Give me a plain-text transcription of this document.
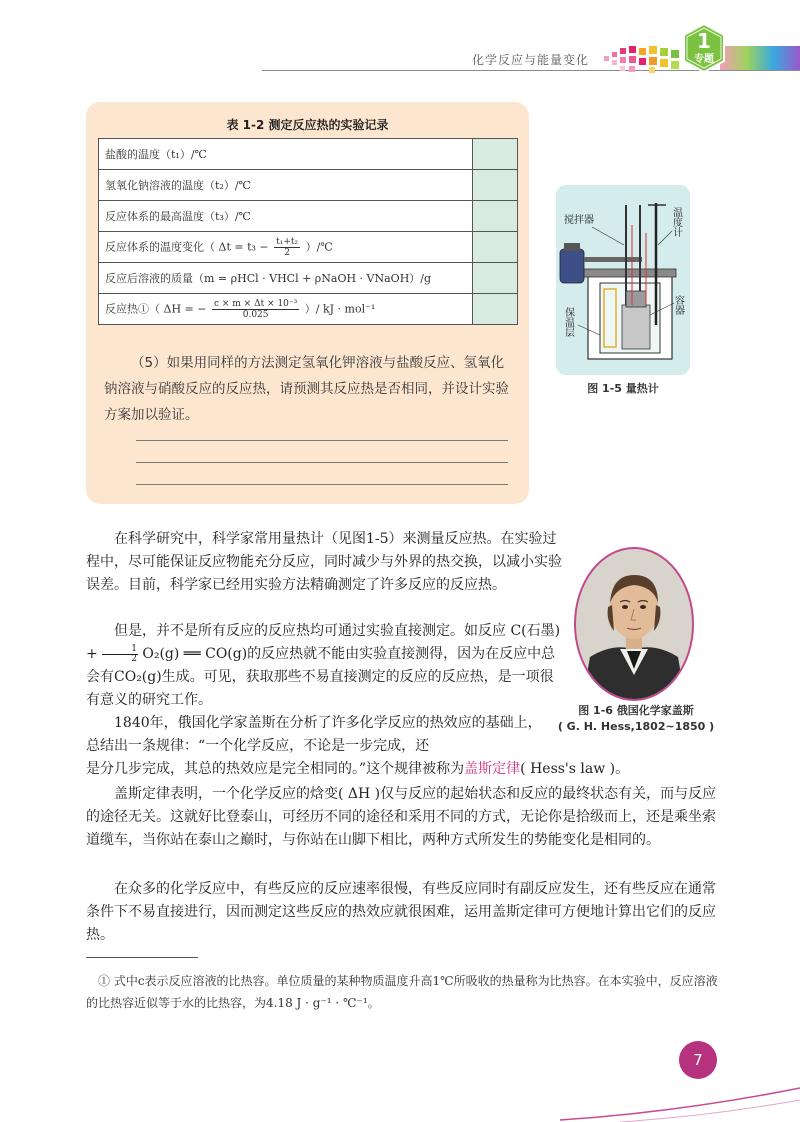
化学反应与能量变化
1
专题
表 1-2 测定反应热的实验记录
盐酸的温度（t₁）/℃	
氢氧化钠溶液的温度（t₂）/℃	
反应体系的最高温度（t₃）/℃	
反应体系的温度变化（ $\Delta t = t_3 - \frac{\text{t₁+t₂}}{2}$ ）/℃	
反应后溶液的质量（m = ρHCl · VHCl + ρNaOH · VNaOH）/g	
反应热①（ ΔH = − $\frac{\text{c × m × Δt × 10⁻³}}{0.025}$ ）/ kJ · mol⁻¹	
（5）如果用同样的方法测定氢氧化钾溶液与盐酸反应、氢氧化钠溶液与硝酸反应的反应热，请预测其反应热是否相同，并设计实验方案加以验证。
搅拌器	温度计
容器
保温层
图 1-5 量热计
图 1-6 俄国化学家盖斯
( G. H. Hess,1802~1850 )
在科学研究中，科学家常用量热计（见图1-5）来测量反应热。在实验过程中，尽可能保证反应物能充分反应，同时减少与外界的热交换，以减小实验误差。目前，科学家已经用实验方法精确测定了许多反应的反应热。
但是，并不是所有反应的反应热均可通过实验直接测定。如反应 C(石墨) + $\frac{1}{2} O_2(g)$ ══ CO(g)的反应热就不能由实验直接测得，因为在反应中总会有CO₂(g)生成。可见，获取那些不易直接测定的反应的反应热，是一项很有意义的研究工作。
1840年，俄国化学家盖斯在分析了许多化学反应的热效应的基础上，总结出一条规律：“一个化学反应，不论是一步完成，还
是分几步完成，其总的热效应是完全相同的。”这个规律被称为盖斯定律( Hess's law )。
盖斯定律表明，一个化学反应的焓变( ΔH )仅与反应的起始状态和反应的最终状态有关，而与反应的途径无关。这就好比登泰山，可经历不同的途径和采用不同的方式，无论你是拾级而上，还是乘坐索道缆车，当你站在泰山之巅时，与你站在山脚下相比，两种方式所发生的势能变化是相同的。
在众多的化学反应中，有些反应的反应速率很慢，有些反应同时有副反应发生，还有些反应在通常条件下不易直接进行，因而测定这些反应的热效应就很困难，运用盖斯定律可方便地计算出它们的反应热。
① 式中c表示反应溶液的比热容。单位质量的某种物质温度升高1℃所吸收的热量称为比热容。在本实验中，反应溶液的比热容近似等于水的比热容，为4.18 J · g⁻¹ · ℃⁻¹。
7
